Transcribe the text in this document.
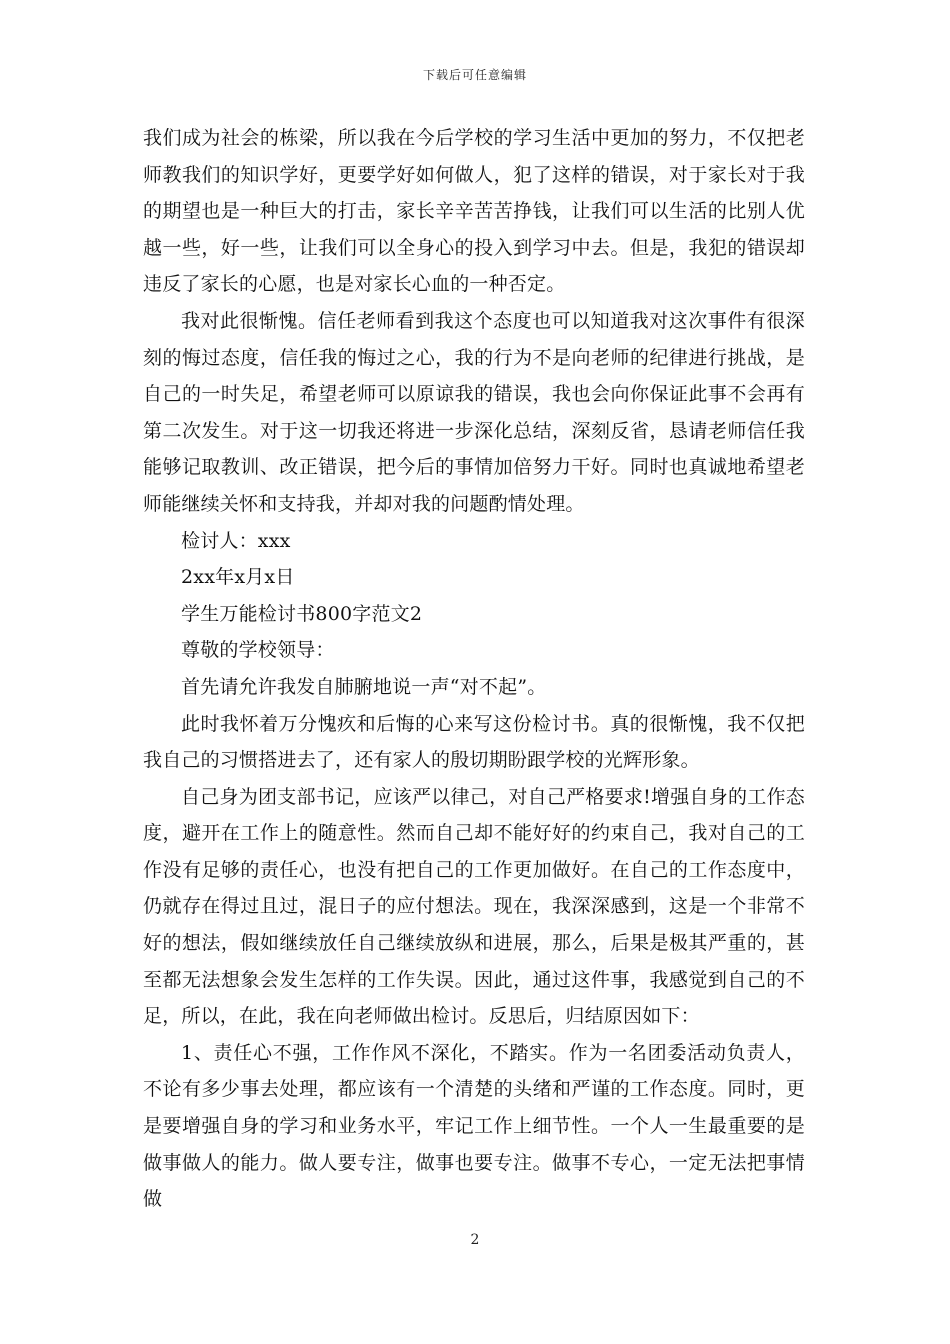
下载后可任意编辑

我们成为社会的栋梁，所以我在今后学校的学习生活中更加的努力，不仅把老师教我们的知识学好，更要学好如何做人，犯了这样的错误，对于家长对于我的期望也是一种巨大的打击，家长辛辛苦苦挣钱，让我们可以生活的比别人优越一些，好一些，让我们可以全身心的投入到学习中去。但是，我犯的错误却违反了家长的心愿，也是对家长心血的一种否定。

我对此很惭愧。信任老师看到我这个态度也可以知道我对这次事件有很深刻的悔过态度，信任我的悔过之心，我的行为不是向老师的纪律进行挑战，是自己的一时失足，希望老师可以原谅我的错误，我也会向你保证此事不会再有第二次发生。对于这一切我还将进一步深化总结，深刻反省，恳请老师信任我能够记取教训、改正错误，把今后的事情加倍努力干好。同时也真诚地希望老师能继续关怀和支持我，并却对我的问题酌情处理。

检讨人：xxx

2xx年x月x日

学生万能检讨书800字范文2

尊敬的学校领导：

首先请允许我发自肺腑地说一声“对不起”。

此时我怀着万分愧疚和后悔的心来写这份检讨书。真的很惭愧，我不仅把我自己的习惯搭进去了，还有家人的殷切期盼跟学校的光辉形象。

自己身为团支部书记，应该严以律己，对自己严格要求!增强自身的工作态度，避开在工作上的随意性。然而自己却不能好好的约束自己，我对自己的工作没有足够的责任心，也没有把自己的工作更加做好。在自己的工作态度中，仍就存在得过且过，混日子的应付想法。现在，我深深感到，这是一个非常不好的想法，假如继续放任自己继续放纵和进展，那么，后果是极其严重的，甚至都无法想象会发生怎样的工作失误。因此，通过这件事，我感觉到自己的不足，所以，在此，我在向老师做出检讨。反思后，归结原因如下：

1、责任心不强，工作作风不深化，不踏实。作为一名团委活动负责人，不论有多少事去处理，都应该有一个清楚的头绪和严谨的工作态度。同时，更是要增强自身的学习和业务水平，牢记工作上细节性。一个人一生最重要的是做事做人的能力。做人要专注，做事也要专注。做事不专心，一定无法把事情做

2
